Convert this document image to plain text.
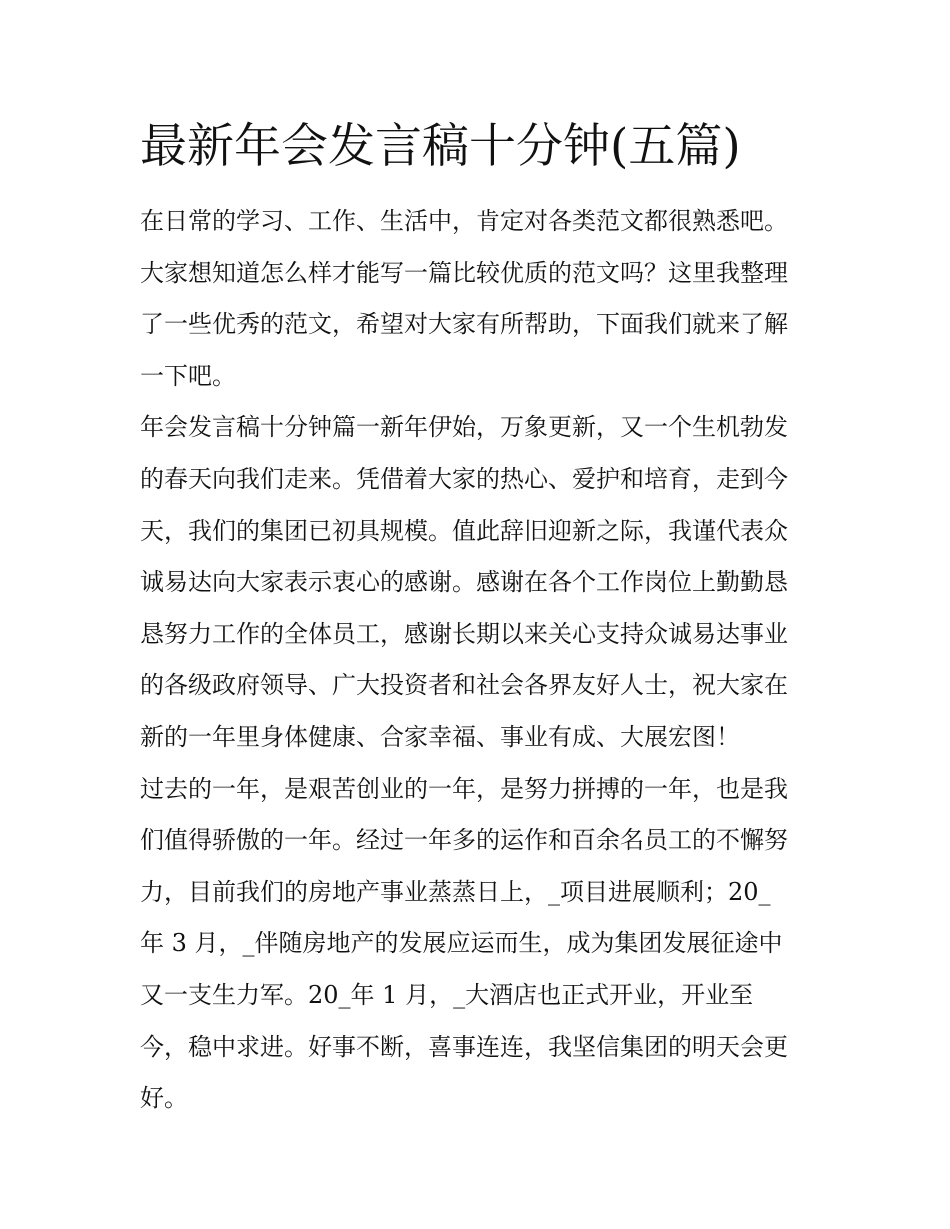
最新年会发言稿十分钟(五篇)
在日常的学习、工作、生活中，肯定对各类范文都很熟悉吧。
大家想知道怎么样才能写一篇比较优质的范文吗？这里我整理
了一些优秀的范文，希望对大家有所帮助，下面我们就来了解
一下吧。
年会发言稿十分钟篇一新年伊始，万象更新，又一个生机勃发
的春天向我们走来。凭借着大家的热心、爱护和培育，走到今
天，我们的集团已初具规模。值此辞旧迎新之际，我谨代表众
诚易达向大家表示衷心的感谢。感谢在各个工作岗位上勤勤恳
恳努力工作的全体员工，感谢长期以来关心支持众诚易达事业
的各级政府领导、广大投资者和社会各界友好人士，祝大家在
新的一年里身体健康、合家幸福、事业有成、大展宏图！
过去的一年，是艰苦创业的一年，是努力拼搏的一年，也是我
们值得骄傲的一年。经过一年多的运作和百余名员工的不懈努
力，目前我们的房地产事业蒸蒸日上，_项目进展顺利；20_
年 3 月，_伴随房地产的发展应运而生，成为集团发展征途中
又一支生力军。20_年 1 月，_大酒店也正式开业，开业至
今，稳中求进。好事不断，喜事连连，我坚信集团的明天会更
好。
